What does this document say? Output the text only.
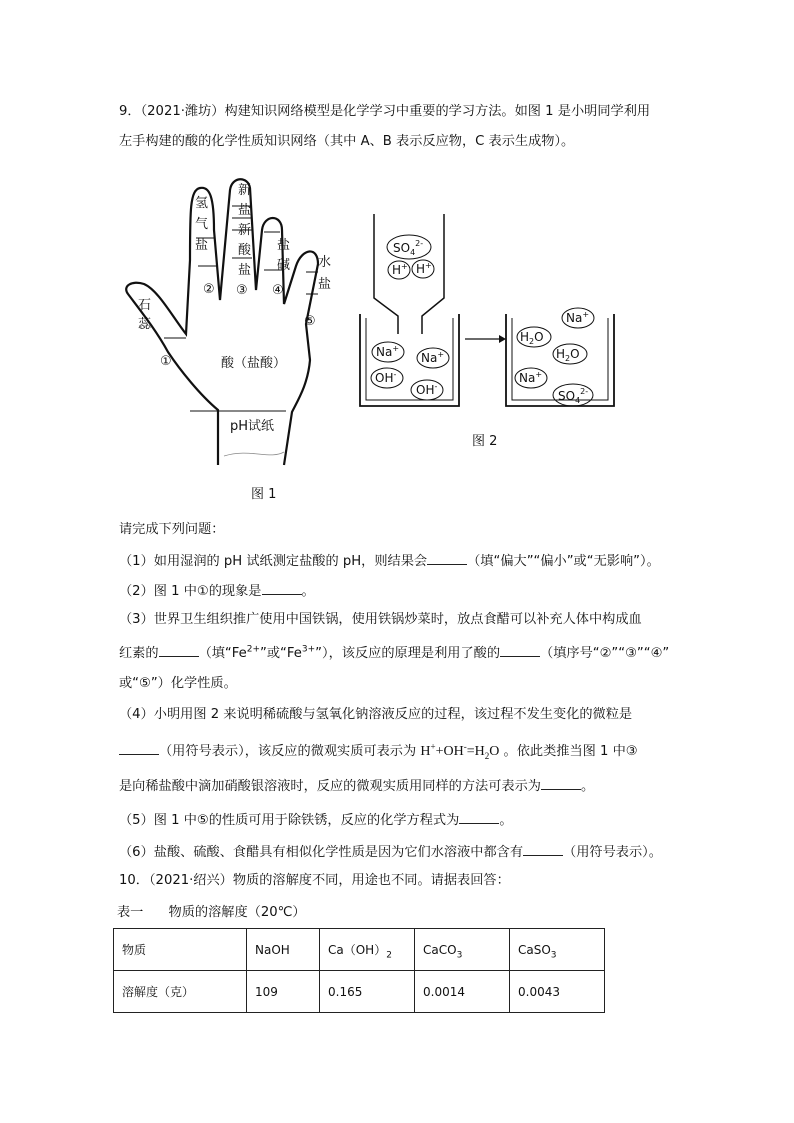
9．（2021·潍坊）构建知识网络模型是化学学习中重要的学习方法。如图 1 是小明同学利用
左手构建的酸的化学性质知识网络（其中 A、B 表示反应物，C 表示生成物）。
石蕊
氢气盐
新盐新酸盐
盐碱 水盐
② ③ ④
⑤
①	酸（盐酸）
pH试纸
图 1
$SO_4^{2-}$
H+ H+
Na+
Na+
OH-
OH-
Na+
$H_2O$
$H_2O$
Na+
$SO_4^{2-}$
图 2
请完成下列问题：
（1）如用湿润的 pH 试纸测定盐酸的 pH，则结果会	（填“偏大”“偏小”或“无影响”）。
（2）图 1 中①的现象是	。
（3）世界卫生组织推广使用中国铁锅，使用铁锅炒菜时，放点食醋可以补充人体中构成血
红素的	（填“$Fe^{2+}$”或“$Fe^{3+}$”），该反应的原理是利用了酸的	（填序号“②”“③”“④”
或“⑤”）化学性质。
（4）小明用图 2 来说明稀硫酸与氢氧化钠溶液反应的过程，该过程不发生变化的微粒是
（用符号表示），该反应的微观实质可表示为 $H^++OH^-=H_2O$ 。依此类推当图 1 中③
是向稀盐酸中滴加硝酸银溶液时，反应的微观实质用同样的方法可表示为	。
（5）图 1 中⑤的性质可用于除铁锈，反应的化学方程式为	。
（6）盐酸、硫酸、食醋具有相似化学性质是因为它们水溶液中都含有	（用符号表示）。
10．（2021·绍兴）物质的溶解度不同，用途也不同。请据表回答：
表一      物质的溶解度（20℃）
物质	NaOH	$Ca(OH)_2$	CaCO$_3$	CaSO$_3$
溶解度（克）	109	0.165	0.0014	0.0043
